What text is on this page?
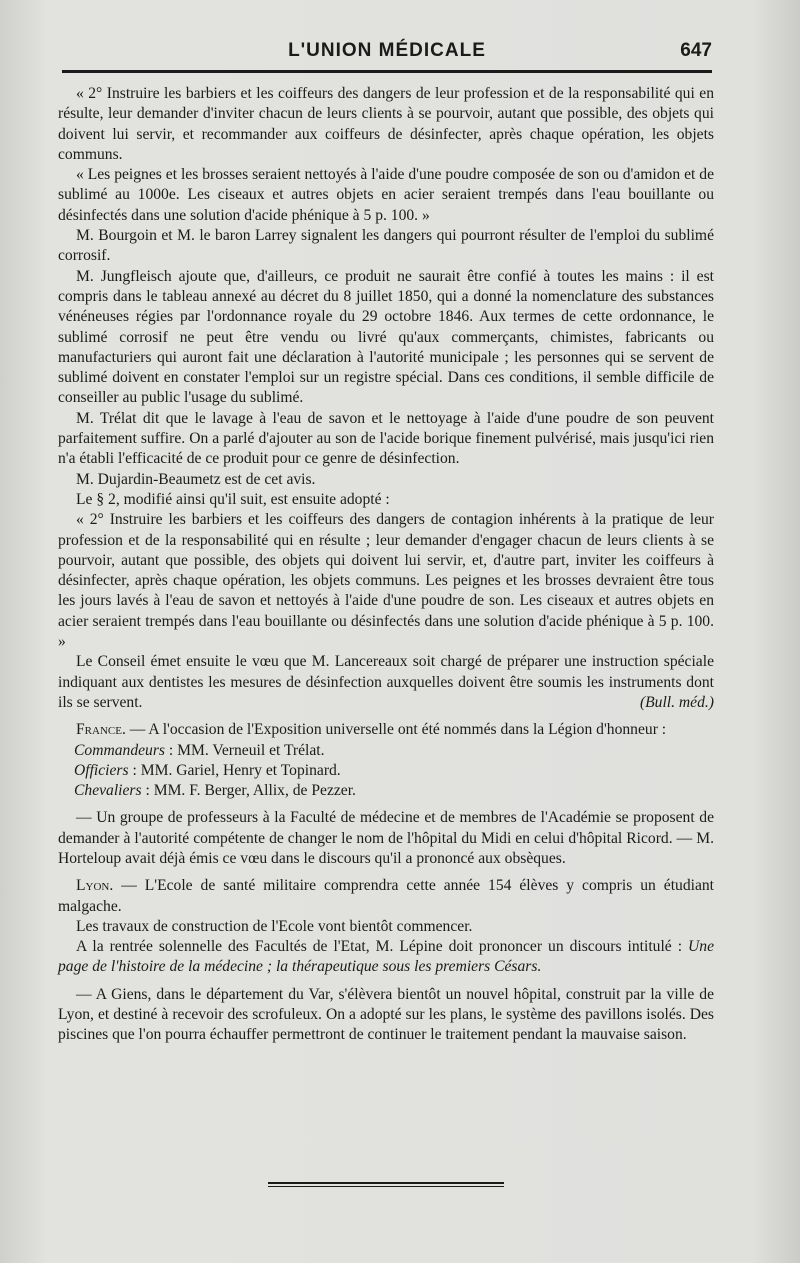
L'UNION MÉDICALE	647

« 2° Instruire les barbiers et les coiffeurs des dangers de leur profession et de la responsabilité qui en résulte, leur demander d'inviter chacun de leurs clients à se pourvoir, autant que possible, des objets qui doivent lui servir, et recommander aux coiffeurs de désinfecter, après chaque opération, les objets communs.

« Les peignes et les brosses seraient nettoyés à l'aide d'une poudre composée de son ou d'amidon et de sublimé au 1000e. Les ciseaux et autres objets en acier seraient trempés dans l'eau bouillante ou désinfectés dans une solution d'acide phénique à 5 p. 100. »

M. Bourgoin et M. le baron Larrey signalent les dangers qui pourront résulter de l'emploi du sublimé corrosif.

M. Jungfleisch ajoute que, d'ailleurs, ce produit ne saurait être confié à toutes les mains : il est compris dans le tableau annexé au décret du 8 juillet 1850, qui a donné la nomenclature des substances vénéneuses régies par l'ordonnance royale du 29 octobre 1846. Aux termes de cette ordonnance, le sublimé corrosif ne peut être vendu ou livré qu'aux commerçants, chimistes, fabricants ou manufacturiers qui auront fait une déclaration à l'autorité municipale ; les personnes qui se servent de sublimé doivent en constater l'emploi sur un registre spécial. Dans ces conditions, il semble difficile de conseiller au public l'usage du sublimé.

M. Trélat dit que le lavage à l'eau de savon et le nettoyage à l'aide d'une poudre de son peuvent parfaitement suffire. On a parlé d'ajouter au son de l'acide borique finement pulvérisé, mais jusqu'ici rien n'a établi l'efficacité de ce produit pour ce genre de désinfection.

M. Dujardin-Beaumetz est de cet avis.

Le § 2, modifié ainsi qu'il suit, est ensuite adopté :

« 2° Instruire les barbiers et les coiffeurs des dangers de contagion inhérents à la pratique de leur profession et de la responsabilité qui en résulte ; leur demander d'engager chacun de leurs clients à se pourvoir, autant que possible, des objets qui doivent lui servir, et, d'autre part, inviter les coiffeurs à désinfecter, après chaque opération, les objets communs. Les peignes et les brosses devraient être tous les jours lavés à l'eau de savon et nettoyés à l'aide d'une poudre de son. Les ciseaux et autres objets en acier seraient trempés dans l'eau bouillante ou désinfectés dans une solution d'acide phénique à 5 p. 100. »

Le Conseil émet ensuite le vœu que M. Lancereaux soit chargé de préparer une instruction spéciale indiquant aux dentistes les mesures de désinfection auxquelles doivent être soumis les instruments dont ils se servent.	(Bull. méd.)

France. — A l'occasion de l'Exposition universelle ont été nommés dans la Légion d'honneur :

Commandeurs : MM. Verneuil et Trélat.
Officiers : MM. Gariel, Henry et Topinard.
Chevaliers : MM. F. Berger, Allix, de Pezzer.

— Un groupe de professeurs à la Faculté de médecine et de membres de l'Académie se proposent de demander à l'autorité compétente de changer le nom de l'hôpital du Midi en celui d'hôpital Ricord. — M. Horteloup avait déjà émis ce vœu dans le discours qu'il a prononcé aux obsèques.

Lyon. — L'Ecole de santé militaire comprendra cette année 154 élèves y compris un étudiant malgache.

Les travaux de construction de l'Ecole vont bientôt commencer.

A la rentrée solennelle des Facultés de l'Etat, M. Lépine doit prononcer un discours intitulé : Une page de l'histoire de la médecine ; la thérapeutique sous les premiers Césars.

— A Giens, dans le département du Var, s'élèvera bientôt un nouvel hôpital, construit par la ville de Lyon, et destiné à recevoir des scrofuleux. On a adopté sur les plans, le système des pavillons isolés. Des piscines que l'on pourra échauffer permettront de continuer le traitement pendant la mauvaise saison.
